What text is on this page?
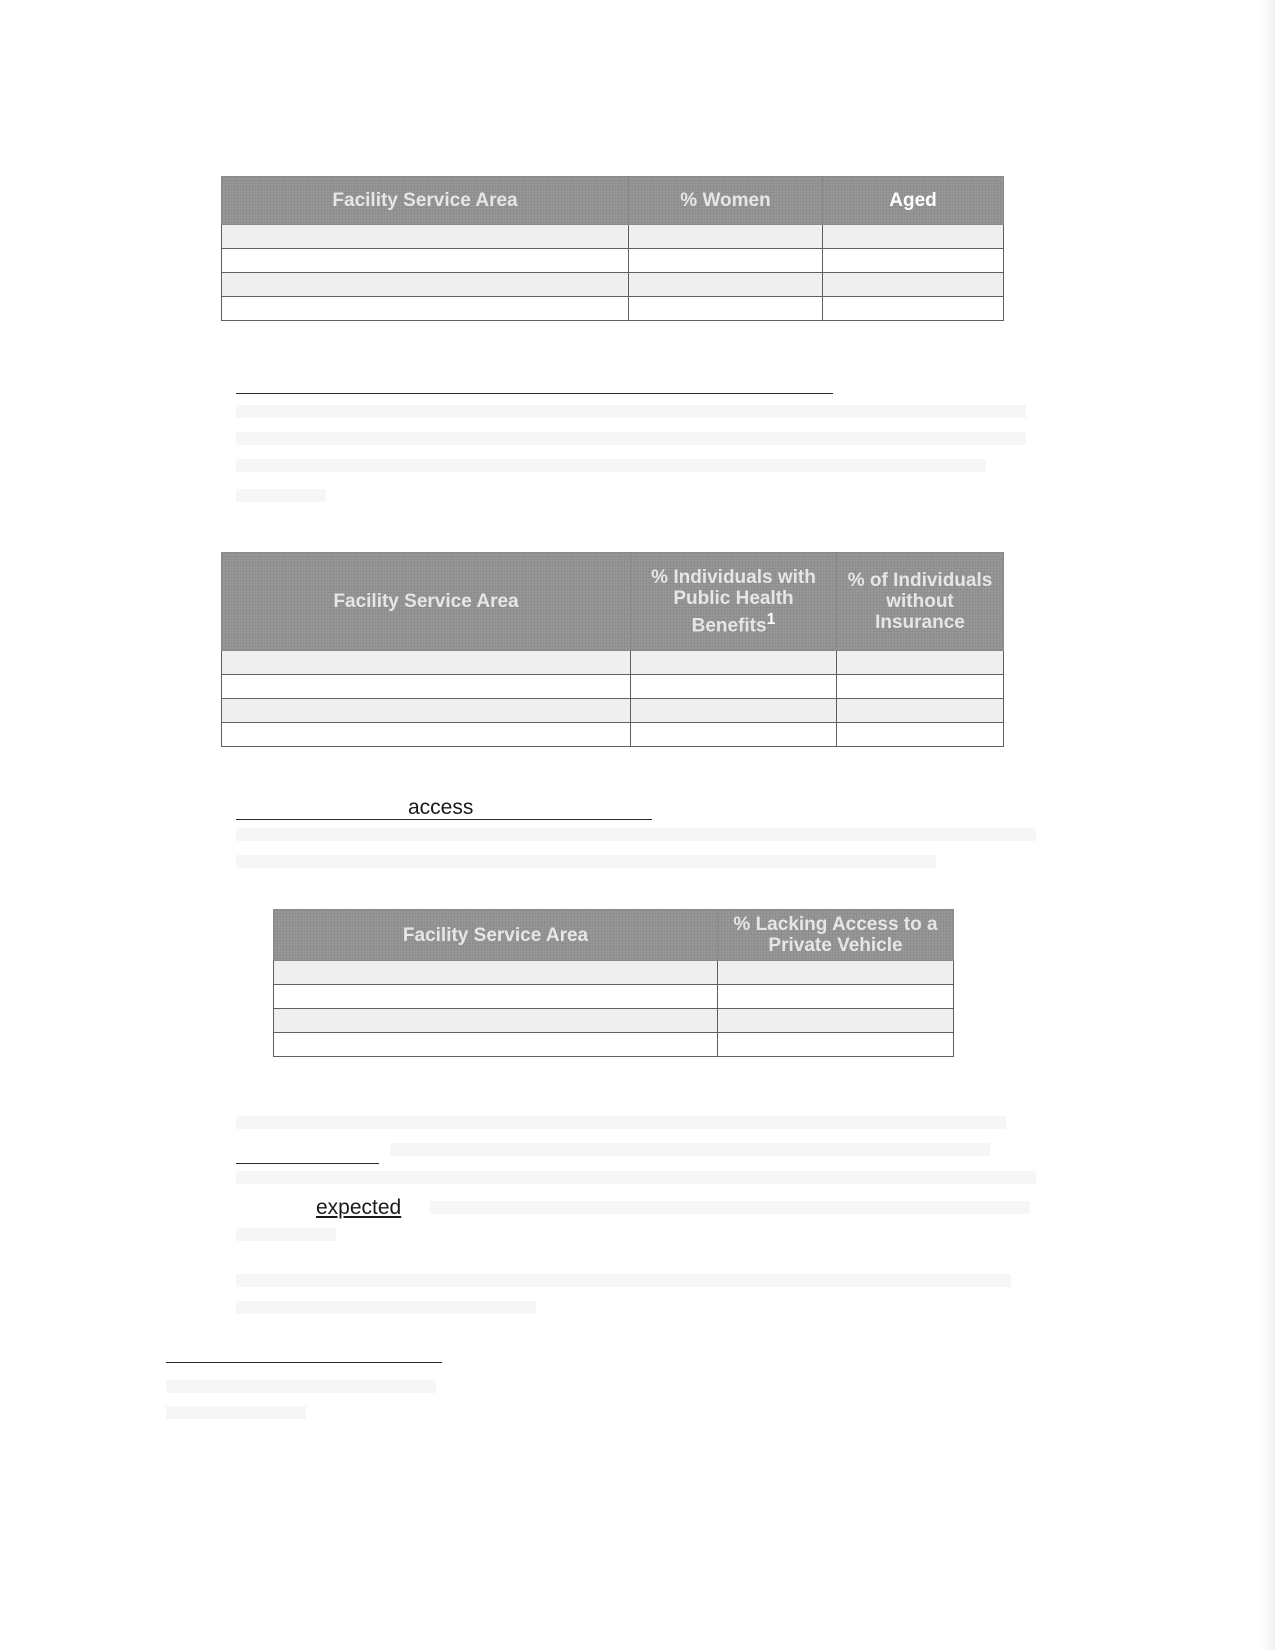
Facility Service Area	% Women	Aged

Facility Service Area	% Individuals with Public Health Benefits$^1$	% of Individuals without Insurance

access
Facility Service Area	% Lacking Access to a Private Vehicle

expected
